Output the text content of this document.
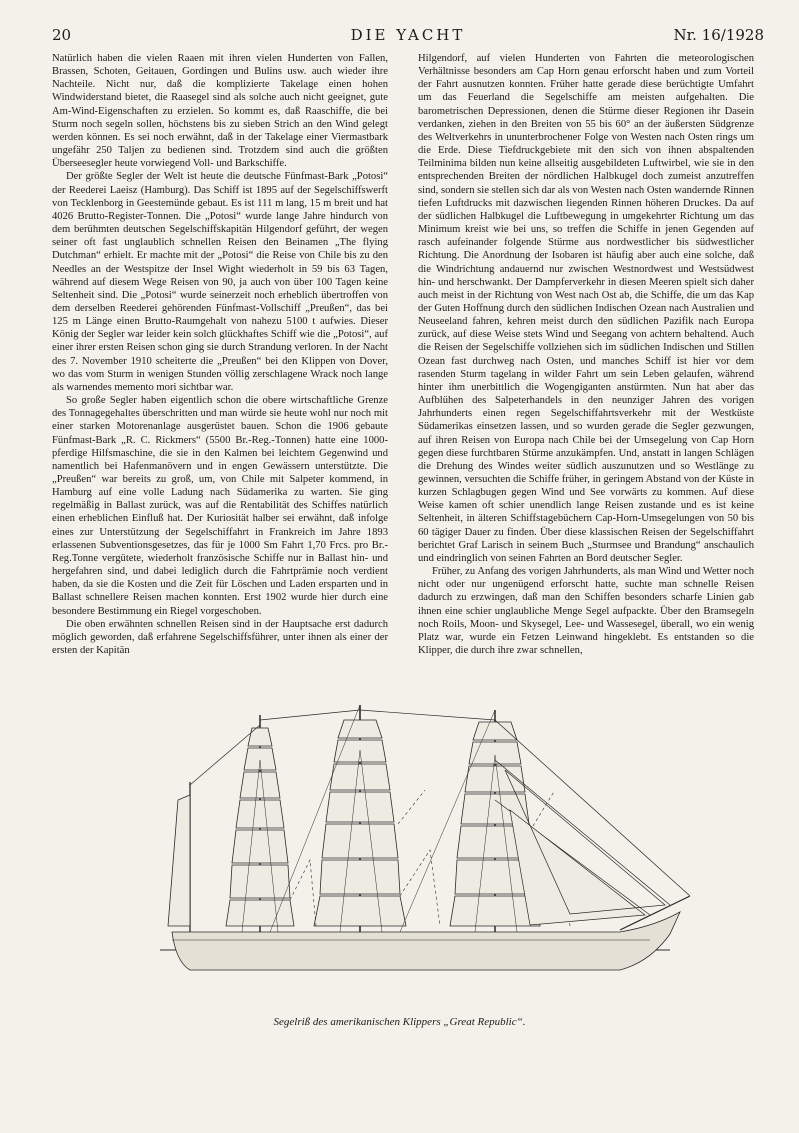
DIE YACHT
20	Nr. 16/1928

Natürlich haben die vielen Raaen mit ihren vielen Hunderten von Fallen, Brassen, Schoten, Geitauen, Gordingen und Bulins usw. auch wieder ihre Nachteile. Nicht nur, daß die komplizierte Takelage einen hohen Windwiderstand bietet, die Raasegel sind als solche auch nicht geeignet, gute Am-Wind-Eigenschaften zu erzielen. So kommt es, daß Raaschiffe, die bei Sturm noch segeln sollen, höchstens bis zu sieben Strich an den Wind gelegt werden können. Es sei noch erwähnt, daß in der Takelage einer Viermastbark ungefähr 250 Taljen zu bedienen sind. Trotzdem sind auch die größten Überseesegler heute vorwiegend Voll- und Barkschiffe.

Der größte Segler der Welt ist heute die deutsche Fünfmast-Bark „Potosi“ der Reederei Laeisz (Hamburg). Das Schiff ist 1895 auf der Segelschiffswerft von Tecklenborg in Geestemünde gebaut. Es ist 111 m lang, 15 m breit und hat 4026 Brutto-Register-Tonnen. Die „Potosi“ wurde lange Jahre hindurch von dem berühmten deutschen Segelschiffskapitän Hilgendorf geführt, der wegen seiner oft fast unglaublich schnellen Reisen den Beinamen „The flying Dutchman“ erhielt. Er machte mit der „Potosi“ die Reise von Chile bis zu den Needles an der Westspitze der Insel Wight wiederholt in 59 bis 63 Tagen, während auf diesem Wege Reisen von 90, ja auch von über 100 Tagen keine Seltenheit sind. Die „Potosi“ wurde seinerzeit noch erheblich übertroffen von dem derselben Reederei gehörenden Fünfmast-Vollschiff „Preußen“, das bei 125 m Länge einen Brutto-Raumgehalt von nahezu 5100 t aufwies. Dieser König der Segler war leider kein solch glückhaftes Schiff wie die „Potosi“, auf einer ihrer ersten Reisen schon ging sie durch Strandung verloren. In der Nacht des 7. November 1910 scheiterte die „Preußen“ bei den Klippen von Dover, wo das vom Sturm in wenigen Stunden völlig zerschlagene Wrack noch lange als warnendes memento mori sichtbar war.

So große Segler haben eigentlich schon die obere wirtschaftliche Grenze des Tonnagegehaltes überschritten und man würde sie heute wohl nur noch mit einer starken Motorenanlage ausgerüstet bauen. Schon die 1906 gebaute Fünfmast-Bark „R. C. Rickmers“ (5500 Br.-Reg.-Tonnen) hatte eine 1000-pferdige Hilfsmaschine, die sie in den Kalmen bei leichtem Gegenwind und namentlich bei Hafenmanövern und in engen Gewässern unterstützte. Die „Preußen“ war bereits zu groß, um, von Chile mit Salpeter kommend, in Hamburg auf eine volle Ladung nach Südamerika zu warten. Sie ging regelmäßig in Ballast zurück, was auf die Rentabilität des Schiffes natürlich einen erheblichen Einfluß hat. Der Kuriosität halber sei erwähnt, daß infolge eines zur Unterstützung der Segelschiffahrt in Frankreich im Jahre 1893 erlassenen Subventionsgesetzes, das für je 1000 Sm Fahrt 1,70 Frcs. pro Br.-Reg.Tonne vergütete, wiederholt französische Schiffe nur in Ballast hin- und hergefahren sind, und dabei lediglich durch die Fahrtprämie noch verdient haben, da sie die Kosten und die Zeit für Löschen und Laden ersparten und in Ballast schnellere Reisen machen konnten. Erst 1902 wurde hier durch eine besondere Bestimmung ein Riegel vorgeschoben.

Die oben erwähnten schnellen Reisen sind in der Hauptsache erst dadurch möglich geworden, daß erfahrene Segelschiffsführer, unter ihnen als einer der ersten der Kapitän

Hilgendorf, auf vielen Hunderten von Fahrten die meteorologischen Verhältnisse besonders am Cap Horn genau erforscht haben und zum Vorteil der Fahrt ausnutzen konnten. Früher hatte gerade diese berüchtigte Umfahrt um das Feuerland die Segelschiffe am meisten aufgehalten. Die barometrischen Depressionen, denen die Stürme dieser Regionen ihr Dasein verdanken, ziehen in den Breiten von 55 bis 60° an der äußersten Südgrenze des Weltverkehrs in ununterbrochener Folge von Westen nach Osten rings um die Erde. Diese Tiefdruckgebiete mit den sich von ihnen abspaltenden Teilminima bilden nun keine allseitig ausgebildeten Luftwirbel, wie sie in den entsprechenden Breiten der nördlichen Halbkugel doch zumeist anzutreffen sind, sondern sie stellen sich dar als von Westen nach Osten wandernde Rinnen tiefen Luftdrucks mit dazwischen liegenden Rinnen höheren Druckes. Da auf der südlichen Halbkugel die Luftbewegung in umgekehrter Richtung um das Minimum kreist wie bei uns, so treffen die Schiffe in jenen Gegenden auf rasch aufeinander folgende Stürme aus nordwestlicher bis südwestlicher Richtung. Die Anordnung der Isobaren ist häufig aber auch eine solche, daß die Windrichtung andauernd nur zwischen Westnordwest und Westsüdwest hin- und herschwankt. Der Dampferverkehr in diesen Meeren spielt sich daher auch meist in der Richtung von West nach Ost ab, die Schiffe, die um das Kap der Guten Hoffnung durch den südlichen Indischen Ozean nach Australien und Neuseeland fahren, kehren meist durch den südlichen Pazifik nach Europa zurück, auf diese Weise stets Wind und Seegang von achtern behaltend. Auch die Reisen der Segelschiffe vollziehen sich im südlichen Indischen und Stillen Ozean fast durchweg nach Osten, und manches Schiff ist hier vor dem rasenden Sturm tagelang in wilder Fahrt um sein Leben gelaufen, während hinter ihm unerbittlich die Wogengiganten anstürmten. Nun hat aber das Aufblühen des Salpeterhandels in den neunziger Jahren des vorigen Jahrhunderts einen regen Segelschiffahrtsverkehr mit der Westküste Südamerikas einsetzen lassen, und so wurden gerade die Segler gezwungen, auf ihren Reisen von Europa nach Chile bei der Umsegelung von Cap Horn gegen diese furchtbaren Stürme anzukämpfen. Und, anstatt in langen Schlägen die Drehung des Windes weiter südlich auszunutzen und so Westlänge zu gewinnen, versuchten die Schiffe früher, in geringem Abstand von der Küste in kurzen Schlagbugen gegen Wind und See vorwärts zu kommen. Auf diese Weise kamen oft schier unendlich lange Reisen zustande und es ist keine Seltenheit, in älteren Schiffstagebüchern Cap-Horn-Umsegelungen von 50 bis 60 tägiger Dauer zu finden. Über diese klassischen Reisen der Segelschiffahrt berichtet Graf Larisch in seinem Buch „Sturmsee und Brandung“ anschaulich und eindringlich von seinen Fahrten an Bord deutscher Segler.

Früher, zu Anfang des vorigen Jahrhunderts, als man Wind und Wetter noch nicht oder nur ungenügend erforscht hatte, suchte man schnelle Reisen dadurch zu erzwingen, daß man den Schiffen besonders scharfe Linien gab ihnen eine schier unglaubliche Menge Segel aufpackte. Über den Bramsegeln noch Roils, Moon- und Skysegel, Lee- und Wassesegel, überall, wo ein wenig Platz war, wurde ein Fetzen Leinwand hingeklebt. Es entstanden so die Klipper, die durch ihre zwar schnellen,

Segelriß des amerikanischen Klippers „Great Republic“.
